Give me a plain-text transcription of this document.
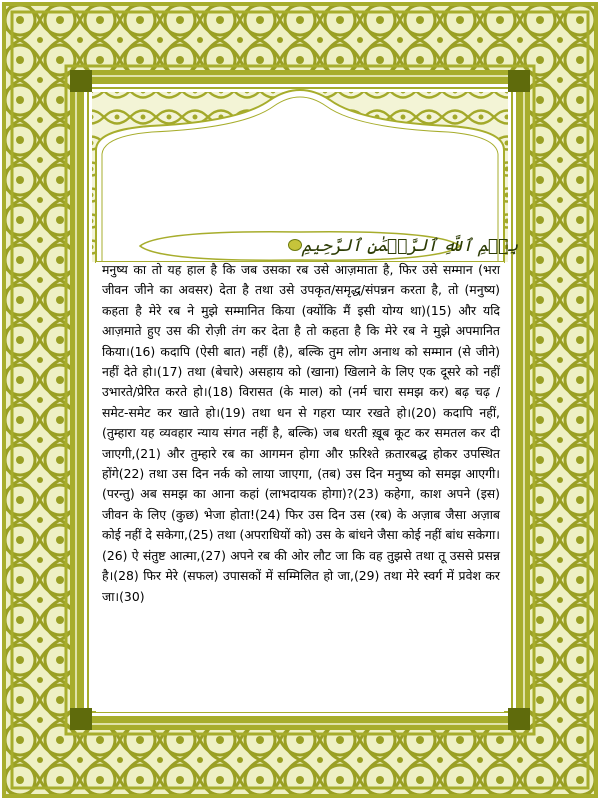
بِسۡمِ ٱللَّهِ ٱلرَّحۡمَٰنِ ٱلرَّحِيمِ

मनुष्य का तो यह हाल है कि जब उसका रब उसे आज़माता है, फिर उसे सम्मान (भरा जीवन जीने का अवसर) देता है तथा उसे उपकृत/समृद्ध/संपन्नन करता है, तो (मनुष्य) कहता है मेरे रब ने मुझे सम्मानित किया (क्योंकि मैं इसी योग्य था)(15) और यदि आज़माते हुए उस की रोज़ी तंग कर देता है तो कहता है कि मेरे रब ने मुझे अपमानित किया।(16) कदापि (ऐसी बात) नहीं (है), बल्कि तुम लोग अनाथ को सम्मान (से जीने) नहीं देते हो।(17) तथा (बेचारे) असहाय को (खाना) खिलाने के लिए एक दूसरे को नहीं उभारते/प्रेरित करते हो।(18) विरासत (के माल) को (नर्म चारा समझ कर) बढ़ चढ़ / समेट-समेट कर खाते हो।(19) तथा धन से गहरा प्यार रखते हो।(20) कदापि नहीं, (तुम्हारा यह व्यवहार न्याय संगत नहीं है, बल्कि) जब धरती ख़ूब कूट कर समतल कर दी जाएगी,(21) और तुम्हारे रब का आगमन होगा और फ़रिश्ते क़तारबद्ध होकर उपस्थित होंगे(22) तथा उस दिन नर्क को लाया जाएगा, (तब) उस दिन मनुष्य को समझ आएगी। (परन्तु) अब समझ का आना कहां (लाभदायक होगा)?(23) कहेगा, काश अपने (इस) जीवन के लिए (कुछ) भेजा होता!(24) फिर उस दिन उस (रब) के अज़ाब जैसा अज़ाब कोई नहीं दे सकेगा,(25) तथा (अपराधियों को) उस के बांधने जैसा कोई नहीं बांध सकेगा।(26) ऐ संतुष्ट आत्मा,(27) अपने रब की ओर लौट जा कि वह तुझसे तथा तू उससे प्रसन्न है।(28) फिर मेरे (सफल) उपासकों में सम्मिलित हो जा,(29) तथा मेरे स्वर्ग में प्रवेश कर जा।(30)
